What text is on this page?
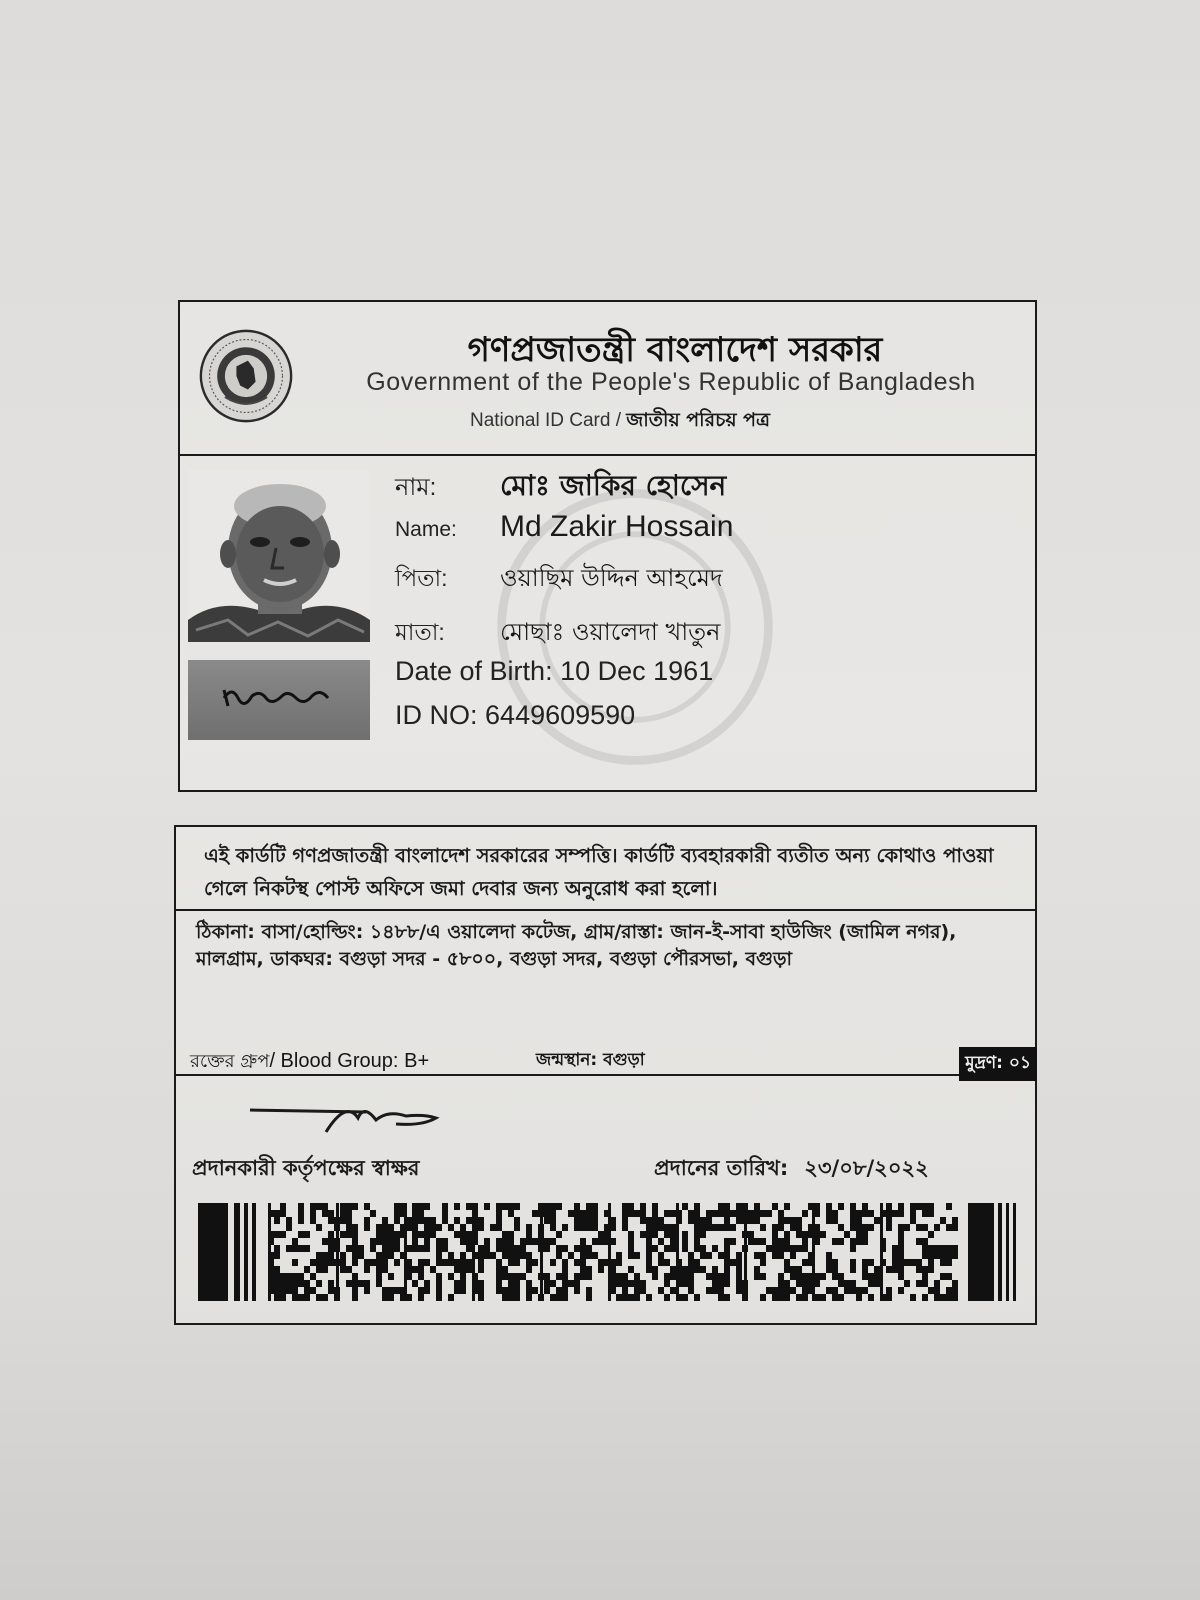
গণপ্রজাতন্ত্রী বাংলাদেশ সরকার
Government of the People's Republic of Bangladesh
National ID Card / জাতীয় পরিচয় পত্র
নাম: মোঃ জাকির হোসেন
Name: Md Zakir Hossain
পিতা: ওয়াছিম উদ্দিন আহমেদ
মাতা: মোছাঃ ওয়ালেদা খাতুন
Date of Birth: 10 Dec 1961
ID NO: 6449609590
এই কার্ডটি গণপ্রজাতন্ত্রী বাংলাদেশ সরকারের সম্পত্তি। কার্ডটি ব্যবহারকারী ব্যতীত অন্য কোথাও পাওয়া গেলে নিকটস্থ পোস্ট অফিসে জমা দেবার জন্য অনুরোধ করা হলো।
ঠিকানা: বাসা/হোল্ডিং: ১৪৮৮/এ ওয়ালেদা কটেজ, গ্রাম/রাস্তা: জান-ই-সাবা হাউজিং (জামিল নগর), মালগ্রাম, ডাকঘর: বগুড়া সদর - ৫৮০০, বগুড়া সদর, বগুড়া পৌরসভা, বগুড়া
রক্তের গ্রুপ/ Blood Group: B+	জন্মস্থান: বগুড়া	মুদ্রণ: ০১
প্রদানকারী কর্তৃপক্ষের স্বাক্ষর	প্রদানের তারিখ: ২৩/০৮/২০২২
